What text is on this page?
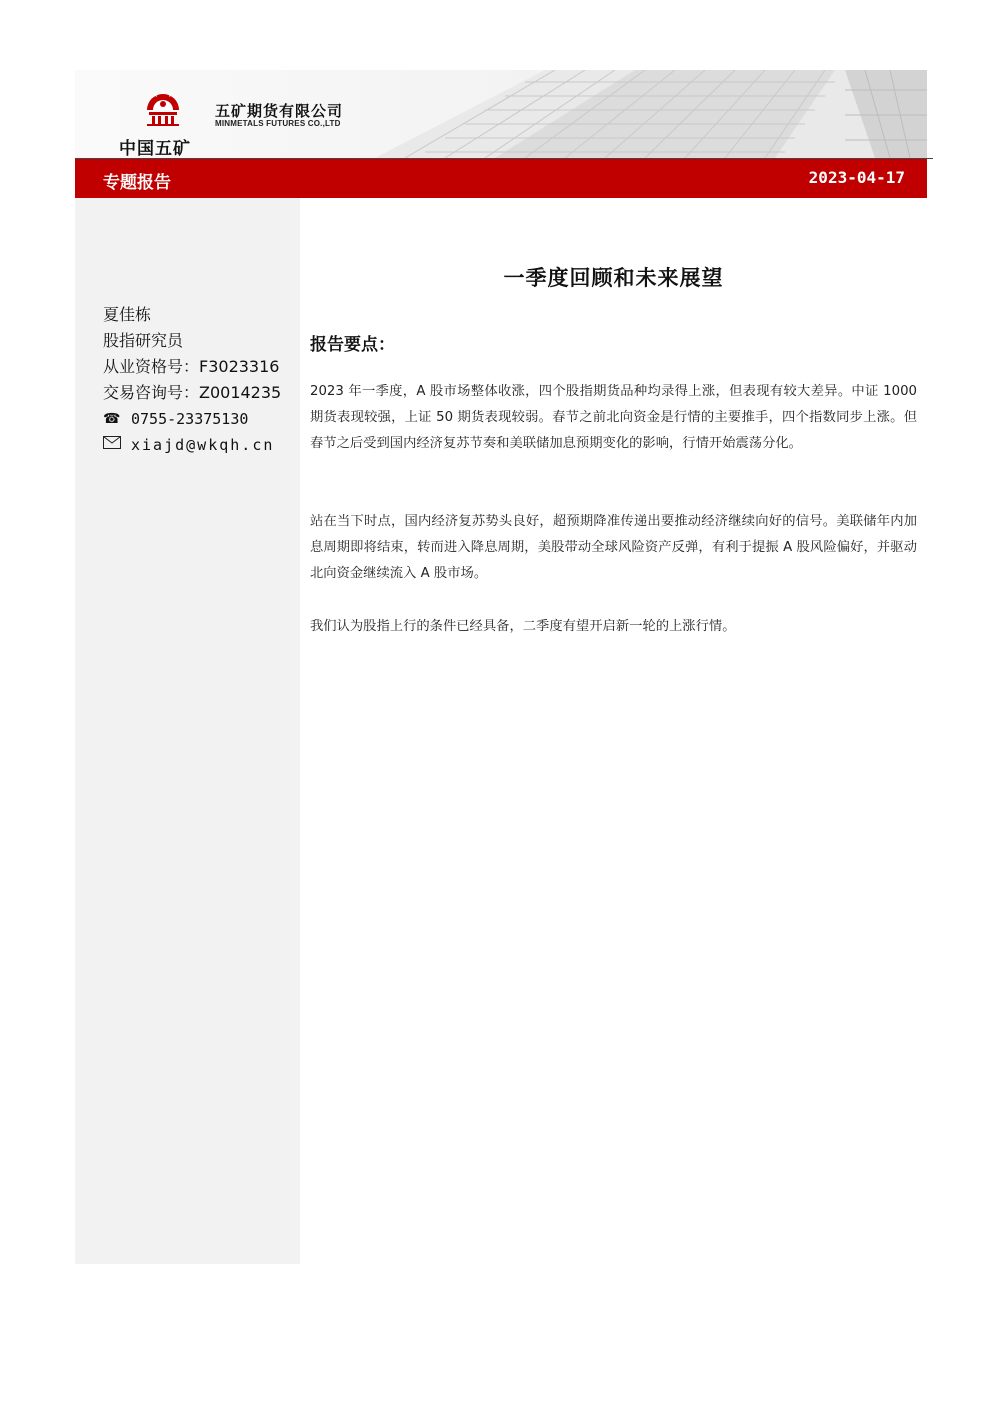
中国五矿
五矿期货有限公司
MINMETALS FUTURES CO.,LTD
专题报告	2023-04-17
夏佳栋
股指研究员
从业资格号：F3023316
交易咨询号：Z0014235
☎ 0755-23375130
xiajd@wkqh.cn
一季度回顾和未来展望
报告要点：
2023 年一季度，A 股市场整体收涨，四个股指期货品种均录得上涨，但表现有较大差异。中证 1000 期货表现较强，上证 50 期货表现较弱。春节之前北向资金是行情的主要推手，四个指数同步上涨。但春节之后受到国内经济复苏节奏和美联储加息预期变化的影响，行情开始震荡分化。
站在当下时点，国内经济复苏势头良好，超预期降准传递出要推动经济继续向好的信号。美联储年内加息周期即将结束，转而进入降息周期，美股带动全球风险资产反弹，有利于提振 A 股风险偏好，并驱动北向资金继续流入 A 股市场。
我们认为股指上行的条件已经具备，二季度有望开启新一轮的上涨行情。
